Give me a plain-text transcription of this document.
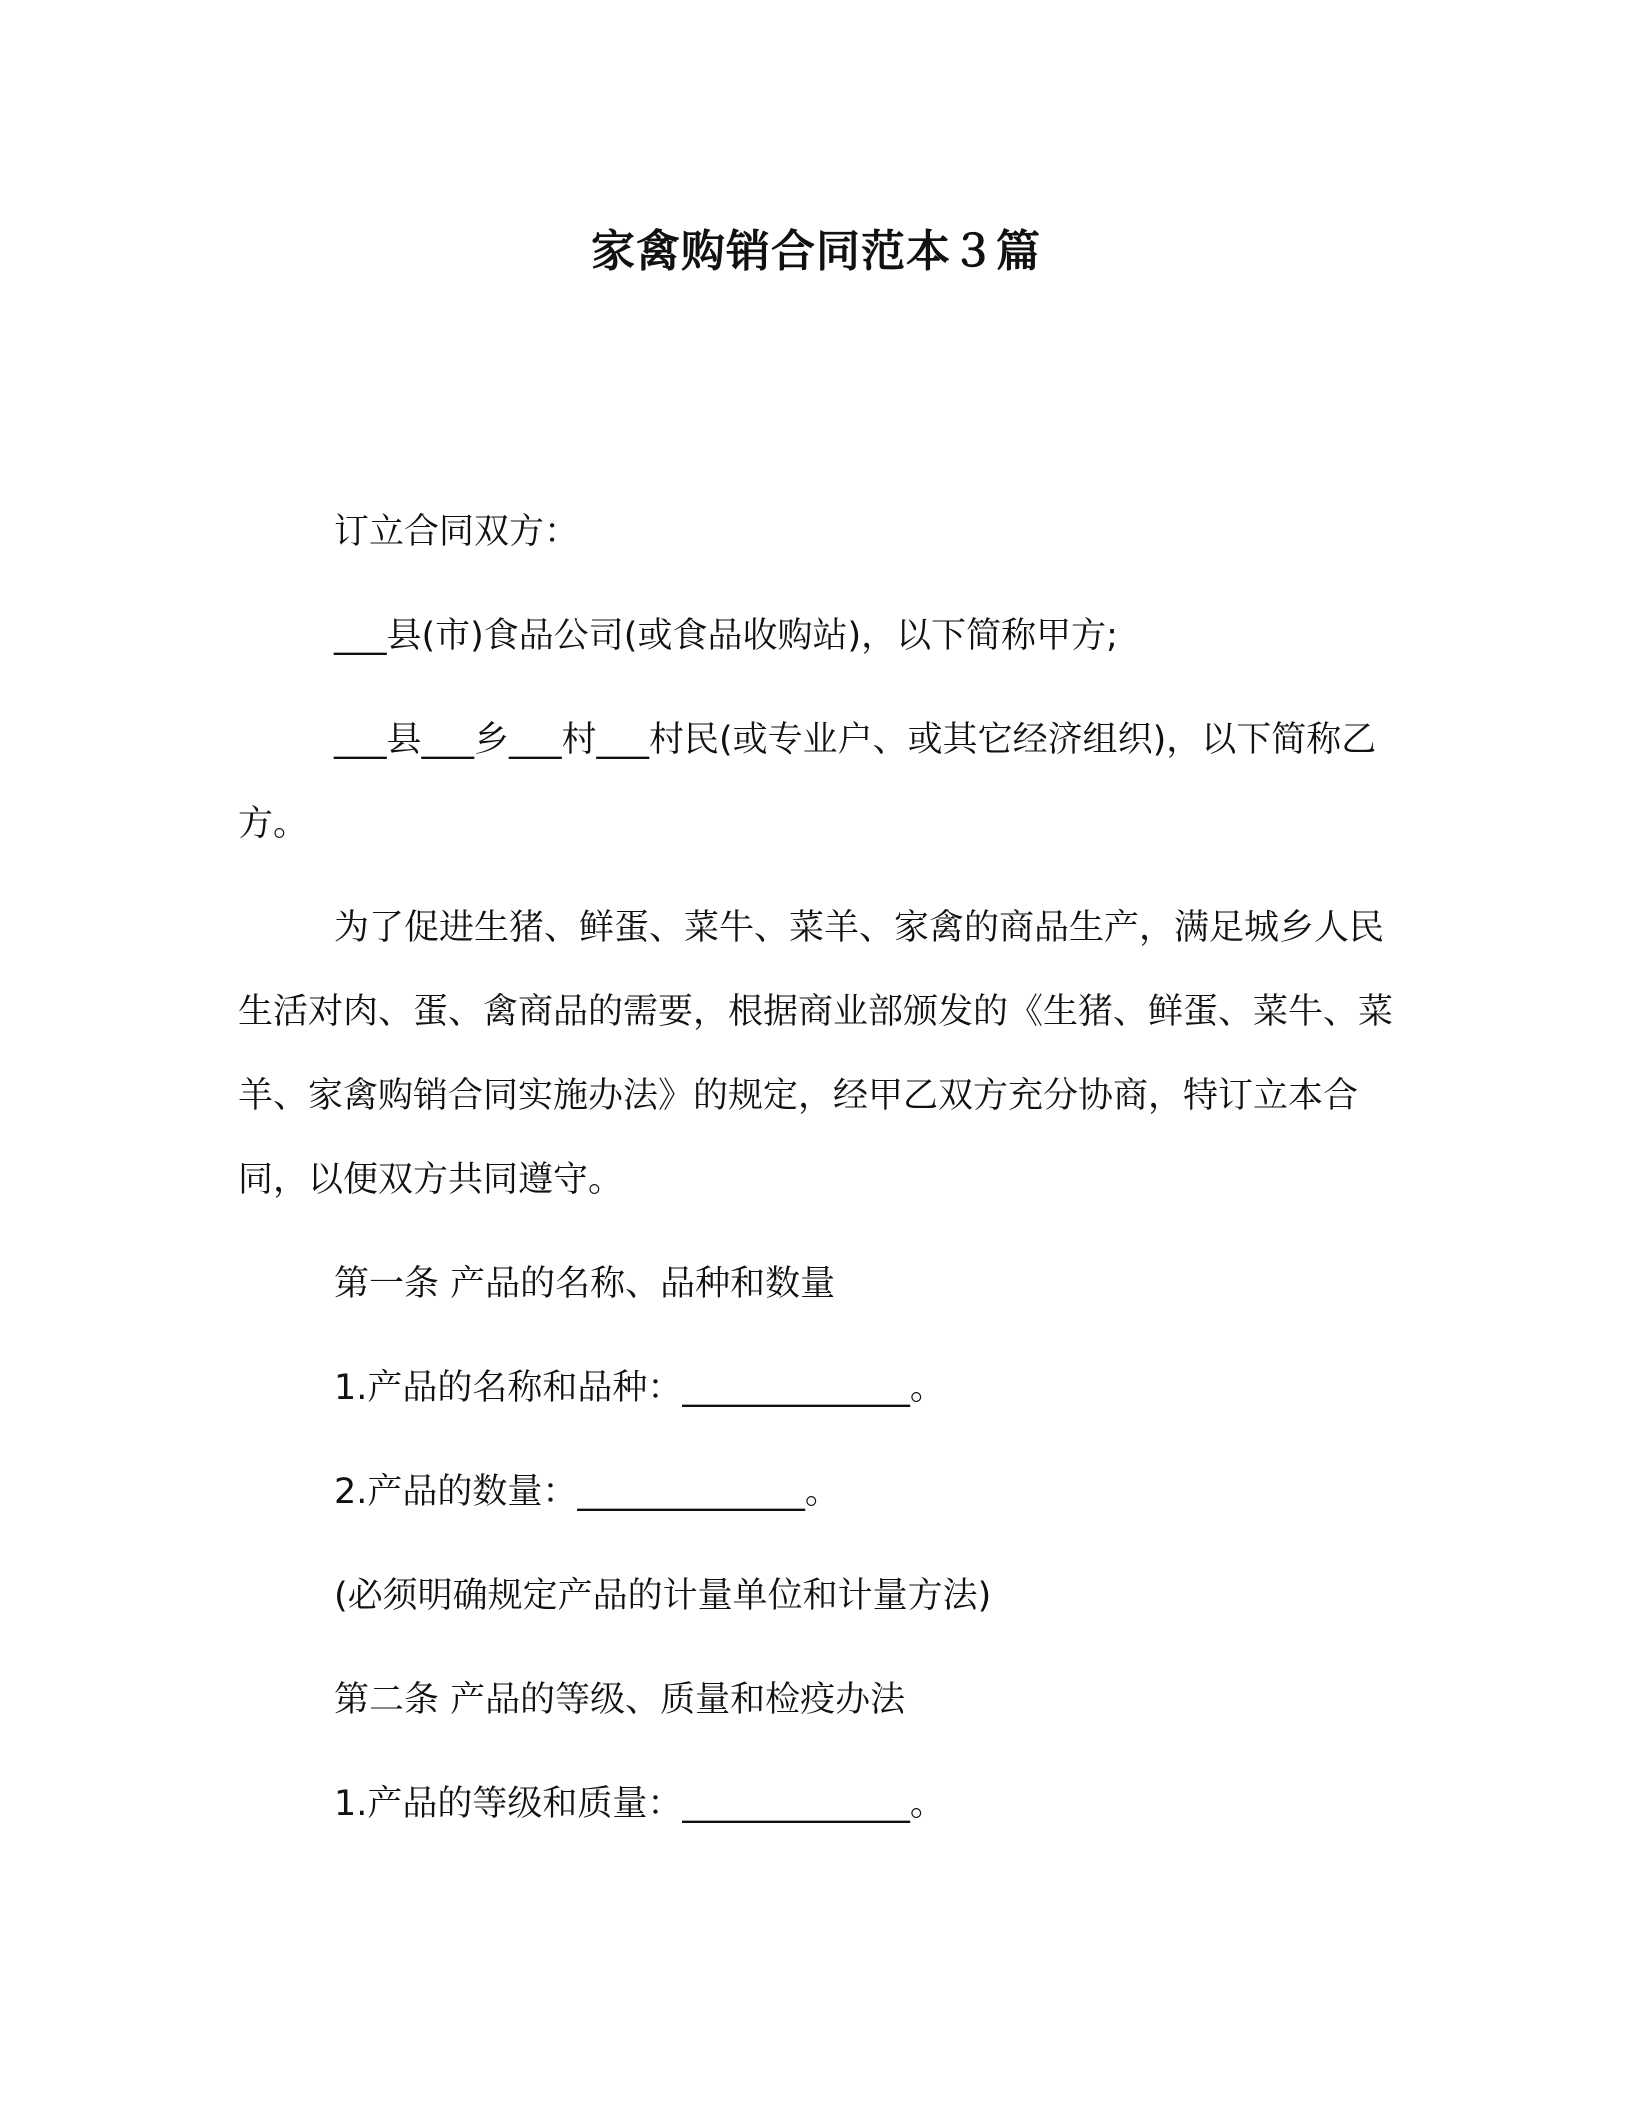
家禽购销合同范本３篇

订立合同双方：

___县(市)食品公司(或食品收购站)，以下简称甲方;

___县___乡___村___村民(或专业户、或其它经济组织)，以下简称乙方。

为了促进生猪、鲜蛋、菜牛、菜羊、家禽的商品生产，满足城乡人民生活对肉、蛋、禽商品的需要，根据商业部颁发的《生猪、鲜蛋、菜牛、菜羊、家禽购销合同实施办法》的规定，经甲乙双方充分协商，特订立本合同，以便双方共同遵守。

第一条 产品的名称、品种和数量

1.产品的名称和品种：_____________。

2.产品的数量：_____________。

(必须明确规定产品的计量单位和计量方法)

第二条 产品的等级、质量和检疫办法

1.产品的等级和质量：_____________。
